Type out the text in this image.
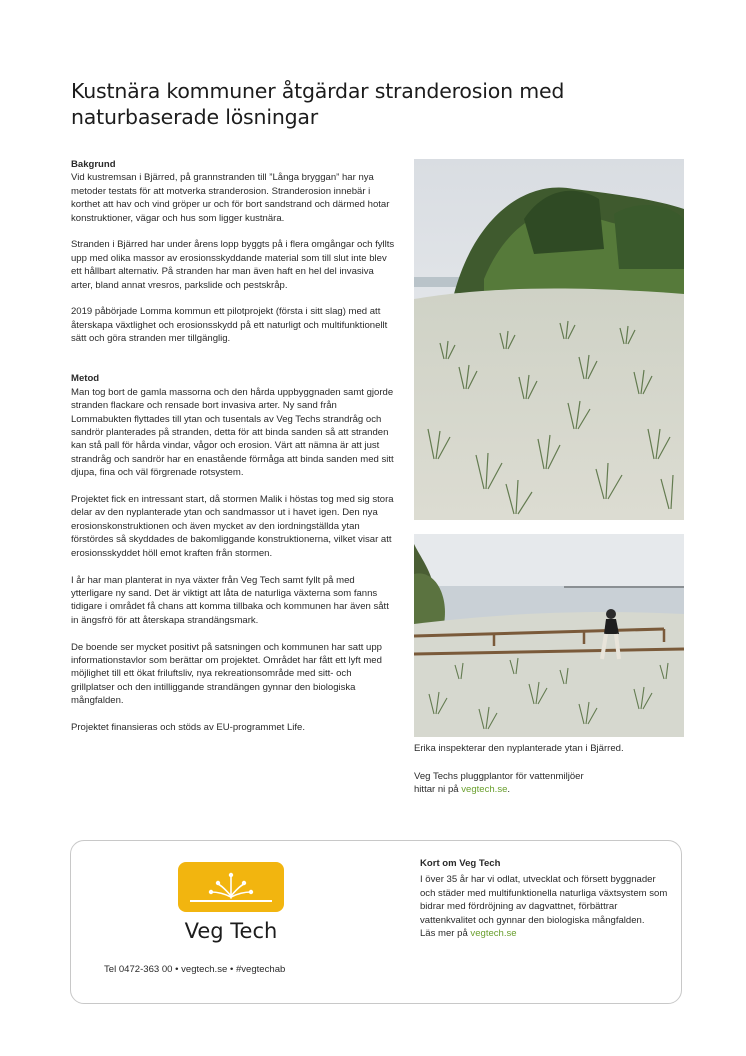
Kustnära kommuner åtgärdar stranderosion med naturbaserade lösningar
Bakgrund

Vid kustremsan i Bjärred, på grannstranden till ”Långa bryggan” har nya metoder testats för att motverka stranderosion. Stranderosion innebär i korthet att hav och vind gröper ur och för bort sandstrand och därmed hotar konstruktioner, vägar och hus som ligger kustnära.

Stranden i Bjärred har under årens lopp byggts på i flera omgångar och fyllts upp med olika massor av erosionsskyddande material som till slut inte blev ett hållbart alternativ. På stranden har man även haft en hel del invasiva arter, bland annat vresros, parkslide och pestskråp.

2019 påbörjade Lomma kommun ett pilotprojekt (första i sitt slag) med att återskapa växtlighet och erosionsskydd på ett naturligt och multifunktionellt sätt och göra stranden mer tillgänglig.

Metod

Man tog bort de gamla massorna och den hårda uppbyggnaden samt gjorde stranden flackare och rensade bort invasiva arter. Ny sand från Lommabukten flyttades till ytan och tusentals av Veg Techs strandråg och sandrör planterades på stranden, detta för att binda sanden så att stranden kan stå pall för hårda vindar, vågor och erosion. Värt att nämna är att just strandråg och sandrör har en enastående förmåga att binda sanden med sitt djupa, fina och väl förgrenade rotsystem.

Projektet fick en intressant start, då stormen Malik i höstas tog med sig stora delar av den nyplanterade ytan och sandmassor ut i havet igen. Den nya erosionskonstruktionen och även mycket av den iordningställda ytan förstördes så skyddades de bakomliggande konstruktionerna, vilket visar att erosionsskyddet höll emot kraften från stormen.

I år har man planterat in nya växter från Veg Tech samt fyllt på med ytterligare ny sand. Det är viktigt att låta de naturliga växterna som fanns tidigare i området få chans att komma tillbaka och kommunen har även sått in ängsfrö för att återskapa strandängsmark.

De boende ser mycket positivt på satsningen och kommunen har satt upp informationstavlor som berättar om projektet. Området har fått ett lyft med möjlighet till ett ökat friluftsliv, nya rekreationsområde med sitt- och grillplatser och den intilliggande strandängen gynnar den biologiska mångfalden.

Projektet finansieras och stöds av EU-programmet Life.

Erika inspekterar den nyplanterade ytan i Bjärred.
Veg Techs pluggplantor för vattenmiljöer
hittar ni på vegtech.se.
Veg Tech
Tel 0472-363 00 • vegtech.se • #vegtechab
Kort om Veg Tech
I över 35 år har vi odlat, utvecklat och försett byggnader och städer med multifunktionella naturliga växtsystem som bidrar med fördröjning av dagvattnet, förbättrar vattenkvalitet och gynnar den biologiska mångfalden.
Läs mer på vegtech.se
